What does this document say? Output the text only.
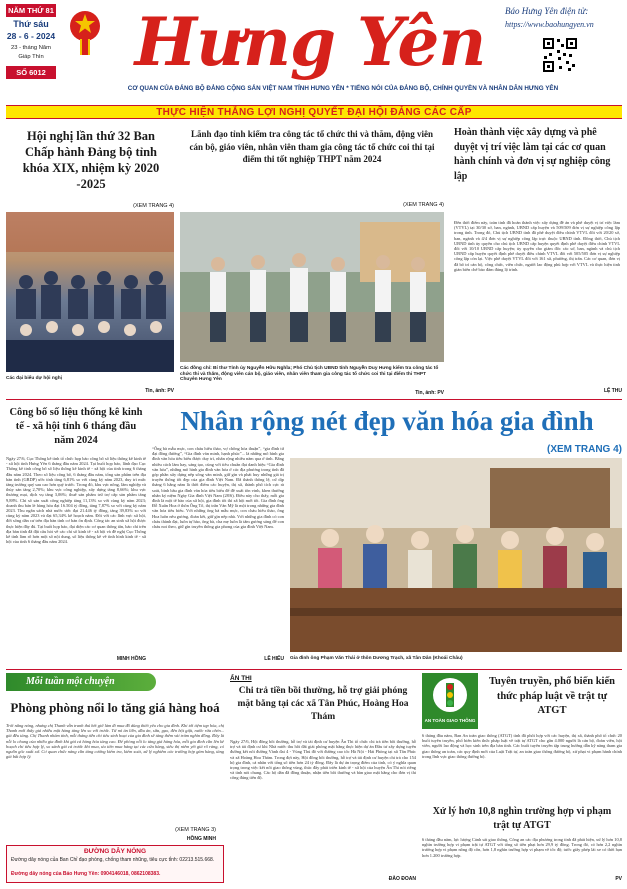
NĂM THỨ 81
Thứ sáu
28 - 6 - 2024
23 - tháng Năm
Giáp Thìn
SỐ 6012 Hưng Yên	Báo Hưng Yên điện tử:
https://www.baohungyen.vn
CƠ QUAN CỦA ĐẢNG BỘ ĐẢNG CỘNG SẢN VIỆT NAM TỈNH HƯNG YÊN * TIẾNG NÓI CỦA ĐẢNG BỘ, CHÍNH QUYỀN VÀ NHÂN DÂN HƯNG YÊN
THỰC HIỆN THẮNG LỢI NGHỊ QUYẾT ĐẠI HỘI ĐẢNG CÁC CẤP
Hội nghị lần thứ 32 Ban Chấp hành Đảng bộ tỉnh khóa XIX, nhiệm kỳ 2020 -2025
(XEM TRANG 4)
Các đại biểu dự hội nghị
Tin, ảnh: PV
Lãnh đạo tỉnh kiểm tra công tác tổ chức thi và thăm, động viên cán bộ, giáo viên, nhân viên tham gia công tác tổ chức coi thi tại điểm thi tốt nghiệp THPT năm 2024
(XEM TRANG 4)
Các đồng chí: Bí thư Tỉnh ủy Nguyễn Hữu Nghĩa; Phó Chủ tịch UBND tỉnh Nguyễn Duy Hưng kiểm tra công tác tổ chức thi và thăm, động viên cán bộ, giáo viên, nhân viên tham gia công tác tổ chức coi thi tại điểm thi THPT Chuyên Hưng Yên
Tin, ảnh: PV
Hoàn thành việc xây dựng và phê duyệt vị trí việc làm tại các cơ quan hành chính và đơn vị sự nghiệp công lập
Đến thời điểm này, toàn tỉnh đã hoàn thành việc xây dựng đề án và phê duyệt vị trí việc làm (VTVL) tại 30/30 sở, ban, ngành, UBND cấp huyện và 509/509 đơn vị sự nghiệp công lập trong tỉnh. Trong đó, Chủ tịch UBND tỉnh đã phê duyệt điều chỉnh VTVL đối với 20/20 sở, ban, ngành và 4/4 đơn vị sự nghiệp công lập trực thuộc UBND tỉnh. Đồng thời, Chủ tịch UBND tỉnh ủy quyền cho chủ tịch UBND cấp huyện quyết định phê duyệt điều chỉnh VTVL đối với 10/10 UBND cấp huyện; ủy quyền cho giám đốc các sở, ban, ngành và chủ tịch UBND cấp huyện quyết định phê duyệt điều chỉnh VTVL đối với 505/505 đơn vị sự nghiệp công lập còn lại. Việc phê duyệt VTVL đối với 161 xã, phường, thị trấn. Các cơ quan, đơn vị đã bố trí cán bộ, công chức, viên chức, người lao động phù hợp với VTVL và thực hiện tinh giản biên chế bảo đảm đúng lộ trình.
LỆ THU
Công bố số liệu thống kê kinh tế - xã hội tỉnh 6 tháng đầu năm 2024
Ngày 27/6, Cục Thống kê tỉnh tổ chức họp báo công bố số liệu thống kê kinh tế - xã hội tỉnh Hưng Yên 6 tháng đầu năm 2024. Tại buổi họp báo, lãnh đạo Cục Thống kê tỉnh công bố số liệu thống kê kinh tế - xã hội của tỉnh trong 6 tháng đầu năm 2024. Theo số liệu công bố, 6 tháng đầu năm, tổng sản phẩm trên địa bàn tỉnh (GRDP) ước tính tăng 6,81% so với cùng kỳ năm 2023, duy trì mức tăng trưởng quý sau cao hơn quý trước. Trong đó, khu vực nông, lâm nghiệp và thủy sản tăng 2,70%; khu vực công nghiệp, xây dựng tăng 8,66%; khu vực thương mại, dịch vụ tăng 3,06%; thuế sản phẩm trừ trợ cấp sản phẩm tăng 9,88%. Chỉ số sản xuất công nghiệp tăng 11,13% so với cùng kỳ năm 2023; doanh thu bán lẻ hàng hóa đạt 16.504 tỷ đồng, tăng 7,87% so với cùng kỳ năm 2023. Thu ngân sách nhà nước ước đạt 21.446 tỷ đồng, tăng 39,83% so với cùng kỳ năm 2023 và đạt 65,34% kế hoạch năm. Đối với các lĩnh vực xã hội, đời sống dân cư trên địa bàn tỉnh cơ bản ổn định. Công tác an sinh xã hội được thực hiện đầy đủ. Tại buổi họp báo, đại diện các cơ quan thông tấn, báo chí trên địa bàn tỉnh đã đặt câu hỏi về các chỉ số kinh tế - xã hội và đề nghị Cục Thống kê tỉnh làm rõ hơn một số nội dung, số liệu thống kê về tình hình kinh tế - xã hội của tỉnh 6 tháng đầu năm 2024.
MINH HỒNG
Nhân rộng nét đẹp văn hóa gia đình
“Ông bà mẫu mực, con cháu hiếu thảo, vợ chồng hòa thuận”, “gia đình tứ đại đồng đường”, “Gia đình văn minh, hạnh phúc”... là những mô hình gia đình văn hóa tiêu biểu được duy trì, nhân rộng nhiều năm qua ở tỉnh. Bằng nhiều cách làm hay, sáng tạo, cùng với tiêu chuẩn đạt danh hiệu “Gia đình văn hóa”, những mô hình gia đình văn hóa ở các địa phương trong tỉnh đã góp phần xây dựng nếp sống văn minh, giữ gìn và phát huy những giá trị truyền thống tốt đẹp của gia đình Việt Nam. Đã thành thông lệ, cứ dịp tháng 6 hằng năm là thời điểm các huyện, thị xã, thành phố tích cực rà soát, bình bầu gia đình văn hóa tiêu biểu để đề xuất tôn vinh, khen thưởng nhân kỷ niệm Ngày Gia đình Việt Nam (28/6). Điều này cho thấy, mỗi gia đình là một tế bào của xã hội, gia đình tốt thì xã hội mới tốt. Gia đình ông Đỗ Xuân Hoa ở thôn Ông Tố, thị trấn Văn Mỹ là một trong những gia đình văn hóa tiêu biểu. Với những ông bà mẫu mực, con cháu hiếu thảo, ông Hoa luôn nêu gương, đoàn kết, giữ gìn nếp nhà. Với những gia đình có con cháu thành đạt, luôn tự hào, ông bà, cha mẹ luôn là tấm gương sáng để con cháu noi theo, giữ gìn truyền thống gia phong của gia đình Việt Nam.
LÊ HIẾU
(XEM TRANG 4)
Gia đình ông Phạm Văn Thái ở thôn Dương Trạch, xã Tân Dân (Khoái Châu)
Mỗi tuần một chuyện
Phòng phòng nổi lo tăng giá hàng hoá
Trời nắng nóng, nhưng chị Thanh vẫn tranh thủ hết giờ làm đi mua đồ dùng thiết yếu cho gia đình. Khi tới tiệm tạp hóa, chị Thanh mới thấy giá nhiều mặt hàng tăng lên so với trước. Từ mì ăn liền, dầu ăn, sữa, gạo, đến bột giặt, nước rửa chén... giá đều tăng. Chị Thanh nhẩm tính, mỗi tháng tiền chi tiêu sinh hoạt của gia đình sẽ tăng thêm vài trăm nghìn đồng. Đây là nỗi lo chung của nhiều gia đình khi giá cả hàng hóa tăng cao. Để phòng nỗi lo tăng giá hàng hóa, mỗi gia đình cần lên kế hoạch chi tiêu hợp lý, so sánh giá cả trước khi mua, ưu tiên mua hàng tại các cửa hàng, siêu thị niêm yết giá rõ ràng, có nguồn gốc xuất xứ. Cơ quan chức năng cần tăng cường kiểm tra, kiểm soát, xử lý nghiêm các trường hợp găm hàng, tăng giá bất hợp lý.
(XEM TRANG 3)
HỒNG MINH
ĐƯỜNG DÂY NÓNG
Đường dây nóng của Ban Chỉ đạo phòng, chống tham nhũng, tiêu cực tỉnh: 02213.515.668.
Đường dây nóng của Báo Hưng Yên: 0904146018, 0862108383.
ẨN THI
Chi trả tiền bồi thường, hỗ trợ giải phóng mặt bằng tại các xã Tân Phúc, Hoàng Hoa Thám
Ngày 27/6, Hội đồng bồi thường, hỗ trợ và tái định cư huyện Ân Thi tổ chức chi trả tiền bồi thường, hỗ trợ và tái định cư khi Nhà nước thu hồi đất giải phóng mặt bằng thực hiện dự án Đầu tư xây dựng tuyến đường kết nối đường Vành đai 4 - Vùng Thủ đô với đường cao tốc Hà Nội - Hải Phòng tại xã Tân Phúc và xã Hoàng Hoa Thám. Trong đợt này, Hội đồng bồi thường, hỗ trợ và tái định cư huyện chi trả cho 154 hộ gia đình, cá nhân với tổng số tiền hơn 24 tỷ đồng. Đây là dự án trọng điểm của tỉnh, có ý nghĩa quan trọng trong việc kết nối giao thông vùng, thúc đẩy phát triển kinh tế - xã hội của huyện Ân Thi nói riêng và tỉnh nói chung. Các hộ dân đã đồng thuận, nhận tiền bồi thường và bàn giao mặt bằng cho đơn vị thi công đúng tiến độ.
ĐÀO ĐOAN
AN TOÀN GIAO THÔNG
Tuyên truyền, phổ biến kiến thức pháp luật về trật tự ATGT
6 tháng đầu năm, Ban An toàn giao thông (ATGT) tỉnh đã phối hợp với các huyện, thị xã, thành phố tổ chức 20 buổi tuyên truyền, phổ biến kiến thức pháp luật về trật tự ATGT cho gần 4.000 người là cán bộ, đoàn viên, hội viên, người lao động và học sinh trên địa bàn tỉnh. Các buổi tuyên truyền tập trung hướng dẫn kỹ năng tham gia giao thông an toàn, các quy định mới của Luật Trật tự, an toàn giao thông đường bộ, xử phạt vi phạm hành chính trong lĩnh vực giao thông đường bộ.
Xử lý hơn 10,8 nghìn trường hợp vi phạm trật tự ATGT
6 tháng đầu năm, lực lượng Cảnh sát giao thông, Công an các địa phương trong tỉnh đã phát hiện, xử lý hơn 10,8 nghìn trường hợp vi phạm trật tự ATGT với tổng số tiền phạt hơn 29,9 tỷ đồng. Trong đó, có hơn 2,2 nghìn trường hợp vi phạm nồng độ cồn, hơn 1,8 nghìn trường hợp vi phạm về tốc độ; tước giấy phép lái xe có thời hạn hơn 1.200 trường hợp.
PV
